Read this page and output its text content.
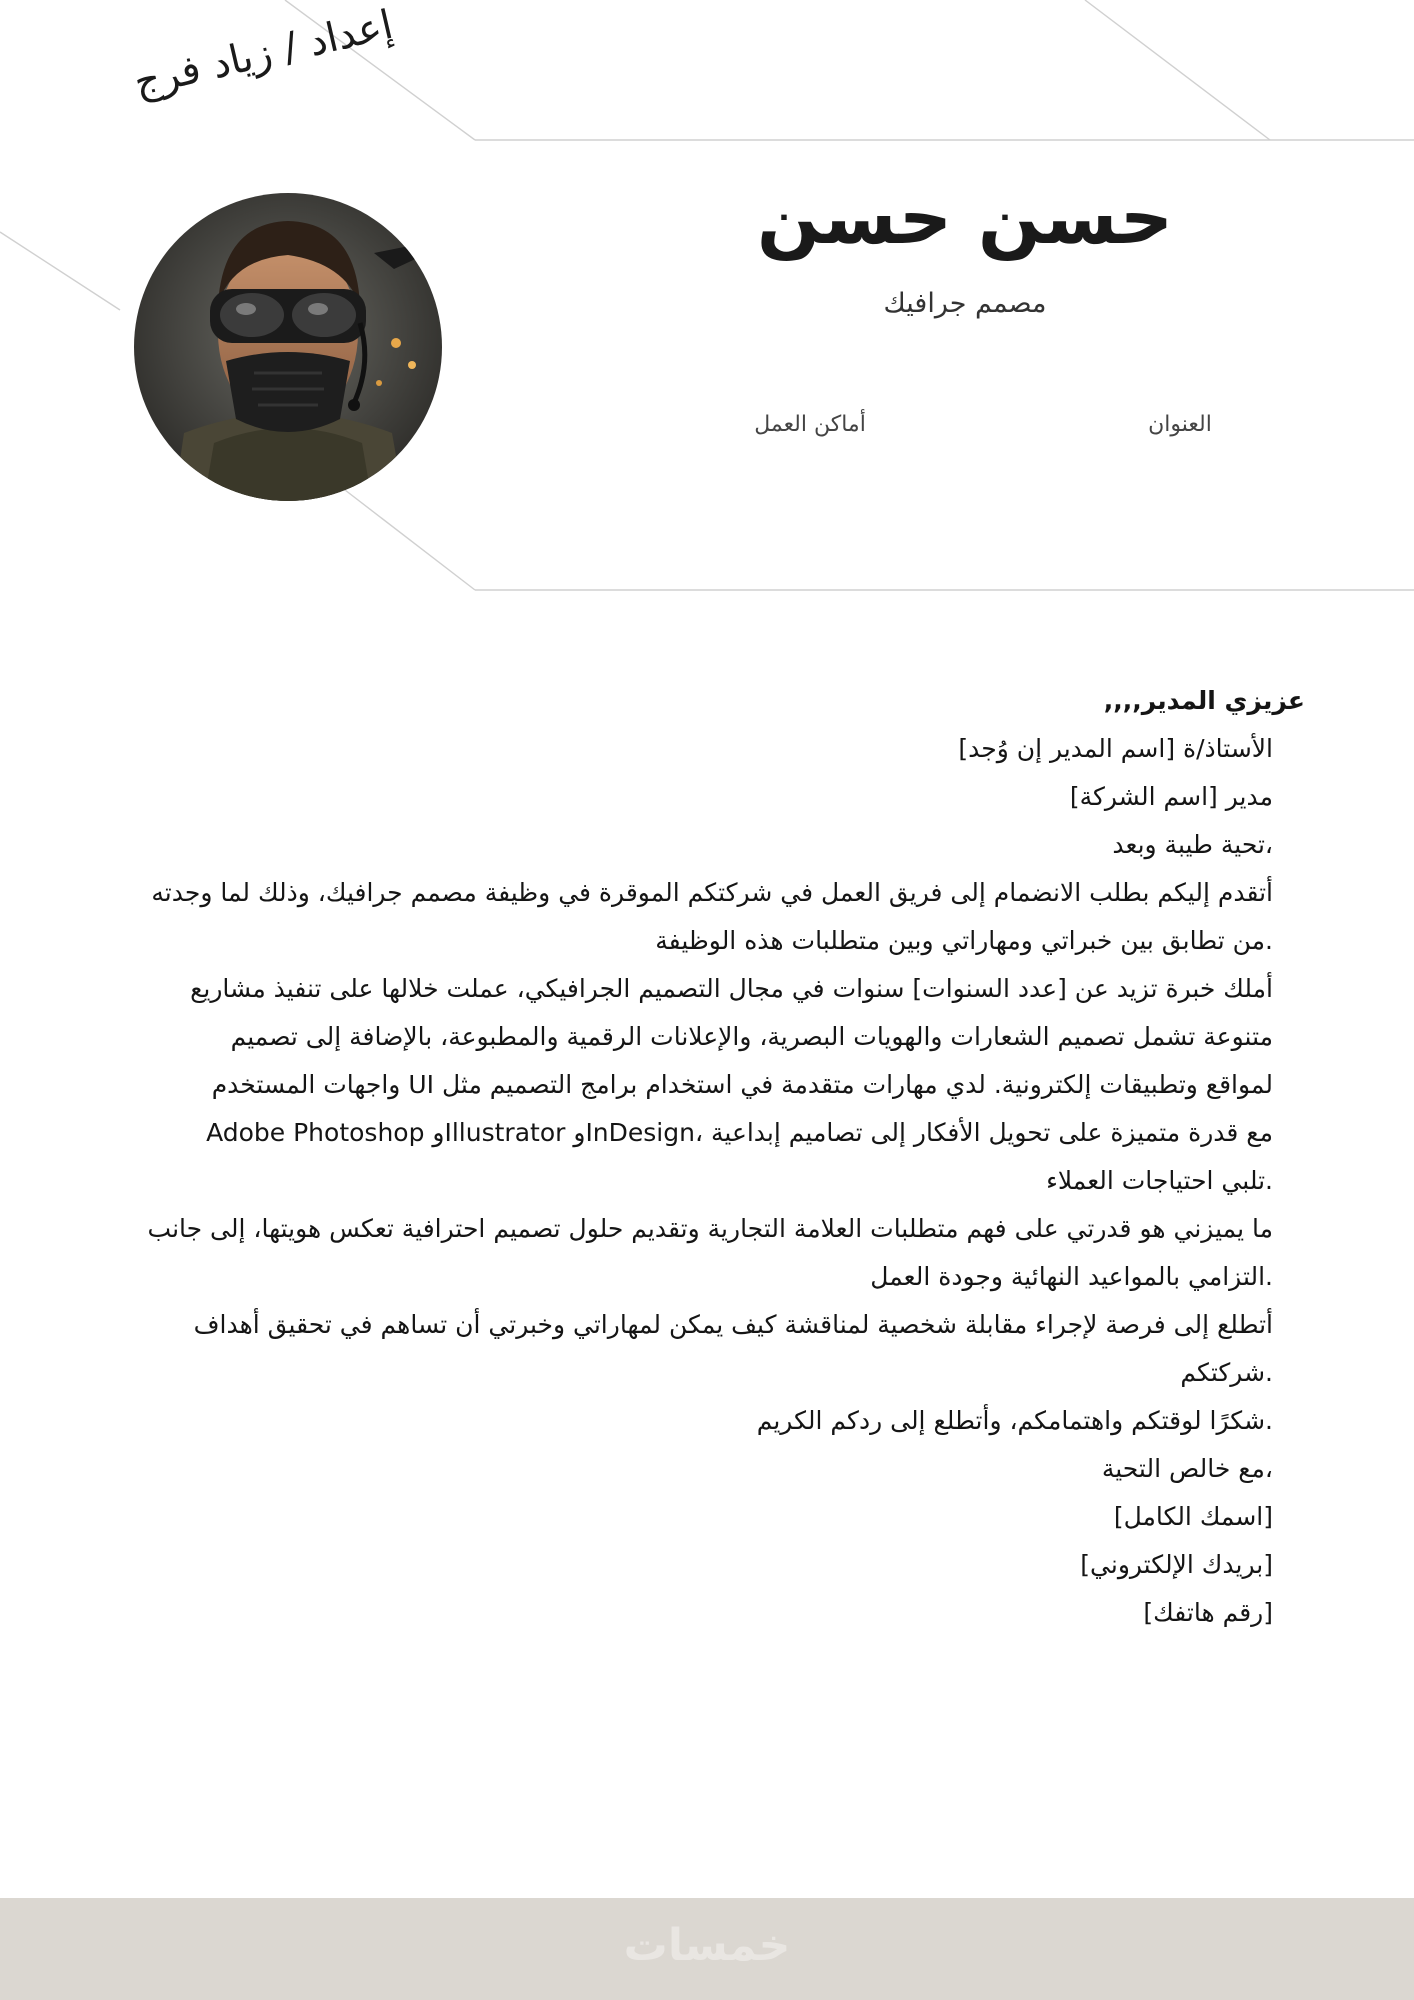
إعداد / زياد فرج
حسن حسن
مصمم جرافيك
العنوان
أماكن العمل
عزيزي المدير,,,,
الأستاذ/ة [اسم المدير إن وُجد]
مدير [اسم الشركة]
،تحية طيبة وبعد
أتقدم إليكم بطلب الانضمام إلى فريق العمل في شركتكم الموقرة في وظيفة مصمم جرافيك، وذلك لما وجدته
.من تطابق بين خبراتي ومهاراتي وبين متطلبات هذه الوظيفة
أملك خبرة تزيد عن [عدد السنوات] سنوات في مجال التصميم الجرافيكي، عملت خلالها على تنفيذ مشاريع
متنوعة تشمل تصميم الشعارات والهويات البصرية، والإعلانات الرقمية والمطبوعة، بالإضافة إلى تصميم
لمواقع وتطبيقات إلكترونية. لدي مهارات متقدمة في استخدام برامج التصميم مثل UI واجهات المستخدم
مع قدرة متميزة على تحويل الأفكار إلى تصاميم إبداعية ،InDesignو Illustratorو Adobe Photoshop
.تلبي احتياجات العملاء
ما يميزني هو قدرتي على فهم متطلبات العلامة التجارية وتقديم حلول تصميم احترافية تعكس هويتها، إلى جانب
.التزامي بالمواعيد النهائية وجودة العمل
أتطلع إلى فرصة لإجراء مقابلة شخصية لمناقشة كيف يمكن لمهاراتي وخبرتي أن تساهم في تحقيق أهداف
.شركتكم
.شكرًا لوقتكم واهتمامكم، وأتطلع إلى ردكم الكريم
،مع خالص التحية
[اسمك الكامل]
[بريدك الإلكتروني]
[رقم هاتفك]
خمسات
